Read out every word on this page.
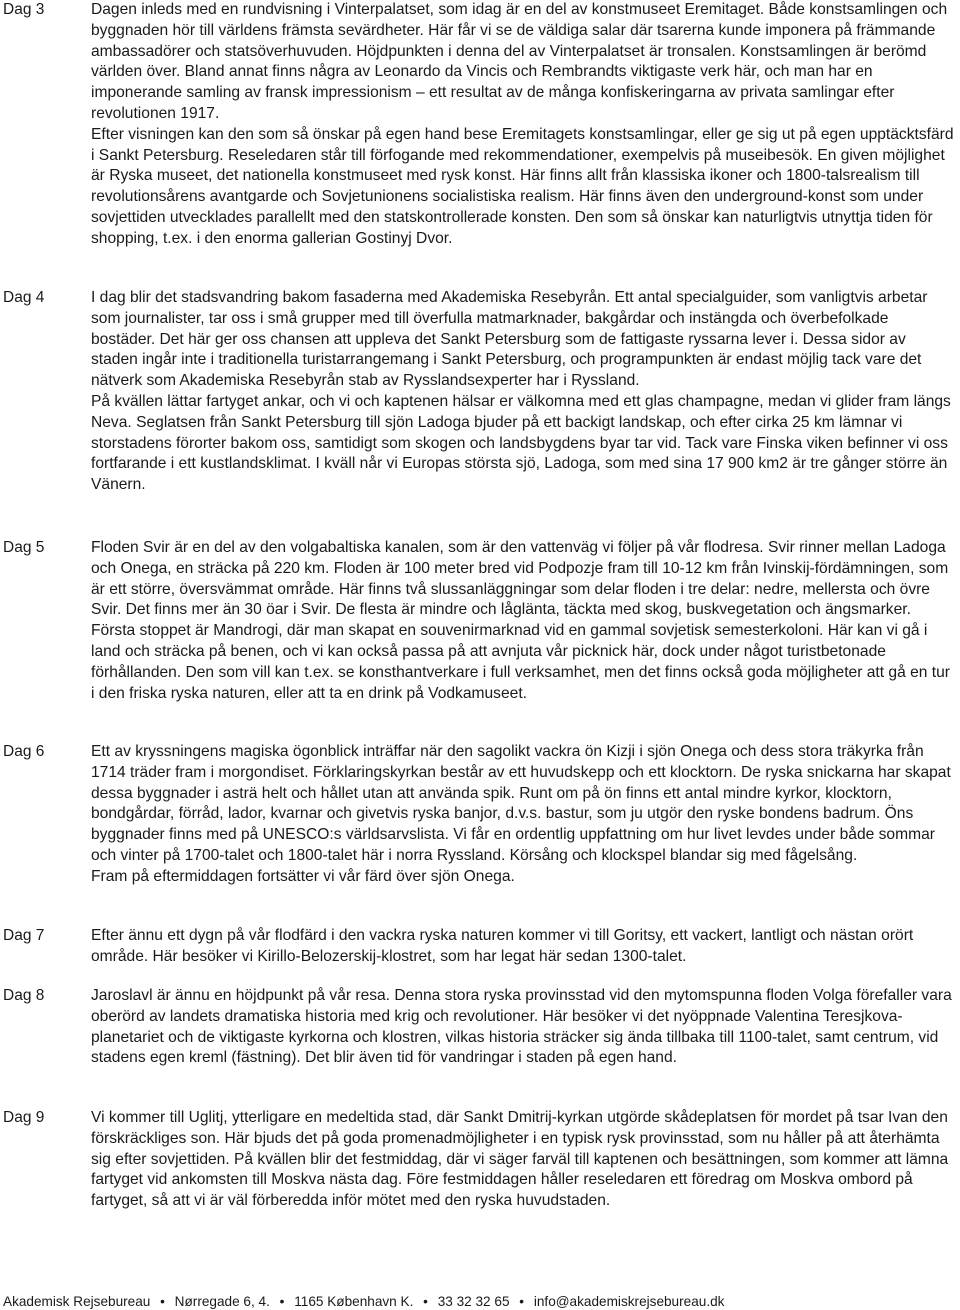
Dag 3	Dagen inleds med en rundvisning i Vinterpalatset, som idag är en del av konstmuseet Eremitaget. Både konstsamlingen och byggnaden hör till världens främsta sevärdheter. Här får vi se de väldiga salar där tsarerna kunde imponera på främmande ambassadörer och statsöverhuvuden. Höjdpunkten i denna del av Vinterpalatset är tronsalen. Konstsamlingen är berömd världen över. Bland annat finns några av Leonardo da Vincis och Rembrandts viktigaste verk här, och man har en imponerande samling av fransk impressionism – ett resultat av de många konfiskeringarna av privata samlingar efter revolutionen 1917.

Efter visningen kan den som så önskar på egen hand bese Eremitagets konstsamlingar, eller ge sig ut på egen upptäcktsfärd i Sankt Petersburg. Reseledaren står till förfogande med rekommendationer, exempelvis på museibesök. En given möjlighet är Ryska museet, det nationella konstmuseet med rysk konst. Här finns allt från klassiska ikoner och 1800-talsrealism till revolutionsårens avantgarde och Sovjetunionens socialistiska realism. Här finns även den underground-konst som under sovjettiden utvecklades parallellt med den statskontrollerade konsten. Den som så önskar kan naturligtvis utnyttja tiden för shopping, t.ex. i den enorma gallerian Gostinyj Dvor.

Dag 4	I dag blir det stadsvandring bakom fasaderna med Akademiska Resebyrån. Ett antal specialguider, som vanligtvis arbetar som journalister, tar oss i små grupper med till överfulla matmarknader, bakgårdar och instängda och överbefolkade bostäder. Det här ger oss chansen att uppleva det Sankt Petersburg som de fattigaste ryssarna lever i. Dessa sidor av staden ingår inte i traditionella turistarrangemang i Sankt Petersburg, och programpunkten är endast möjlig tack vare det nätverk som Akademiska Resebyrån stab av Rysslandsexperter har i Ryssland.

På kvällen lättar fartyget ankar, och vi och kaptenen hälsar er välkomna med ett glas champagne, medan vi glider fram längs Neva. Seglatsen från Sankt Petersburg till sjön Ladoga bjuder på ett backigt landskap, och efter cirka 25 km lämnar vi storstadens förorter bakom oss, samtidigt som skogen och landsbygdens byar tar vid. Tack vare Finska viken befinner vi oss fortfarande i ett kustlandsklimat. I kväll når vi Europas största sjö, Ladoga, som med sina 17 900 km2 är tre gånger större än Vänern.

Dag 5	Floden Svir är en del av den volgabaltiska kanalen, som är den vattenväg vi följer på vår flodresa. Svir rinner mellan Ladoga och Onega, en sträcka på 220 km. Floden är 100 meter bred vid Podpozje fram till 10-12 km från Ivinskij-fördämningen, som är ett större, översvämmat område. Här finns två slussanläggningar som delar floden i tre delar: nedre, mellersta och övre Svir. Det finns mer än 30 öar i Svir. De flesta är mindre och låglänta, täckta med skog, buskvegetation och ängsmarker.

Första stoppet är Mandrogi, där man skapat en souvenirmarknad vid en gammal sovjetisk semesterkoloni. Här kan vi gå i land och sträcka på benen, och vi kan också passa på att avnjuta vår picknick här, dock under något turistbetonade förhållanden. Den som vill kan t.ex. se konsthantverkare i full verksamhet, men det finns också goda möjligheter att gå en tur i den friska ryska naturen, eller att ta en drink på Vodkamuseet.

Dag 6	Ett av kryssningens magiska ögonblick inträffar när den sagolikt vackra ön Kizji i sjön Onega och dess stora träkyrka från 1714 träder fram i morgondiset. Förklaringskyrkan består av ett huvudskepp och ett klocktorn. De ryska snickarna har skapat dessa byggnader i asträ helt och hållet utan att använda spik. Runt om på ön finns ett antal mindre kyrkor, klocktorn, bondgårdar, förråd, lador, kvarnar och givetvis ryska banjor, d.v.s. bastur, som ju utgör den ryske bondens badrum. Öns byggnader finns med på UNESCO:s världsarvslista. Vi får en ordentlig uppfattning om hur livet levdes under både sommar och vinter på 1700-talet och 1800-talet här i norra Ryssland. Körsång och klockspel blandar sig med fågelsång.

Fram på eftermiddagen fortsätter vi vår färd över sjön Onega.

Dag 7	Efter ännu ett dygn på vår flodfärd i den vackra ryska naturen kommer vi till Goritsy, ett vackert, lantligt och nästan orört område. Här besöker vi Kirillo-Belozerskij-klostret, som har legat här sedan 1300-talet.

Dag 8	Jaroslavl är ännu en höjdpunkt på vår resa. Denna stora ryska provinsstad vid den mytomspunna floden Volga förefaller vara oberörd av landets dramatiska historia med krig och revolutioner. Här besöker vi det nyöppnade Valentina Teresjkova-planetariet och de viktigaste kyrkorna och klostren, vilkas historia sträcker sig ända tillbaka till 1100-talet, samt centrum, vid stadens egen kreml (fästning). Det blir även tid för vandringar i staden på egen hand.

Dag 9	Vi kommer till Uglitj, ytterligare en medeltida stad, där Sankt Dmitrij-kyrkan utgörde skådeplatsen för mordet på tsar Ivan den förskräckliges son. Här bjuds det på goda promenadmöjligheter i en typisk rysk provinsstad, som nu håller på att återhämta sig efter sovjettiden. På kvällen blir det festmiddag, där vi säger farväl till kaptenen och besättningen, som kommer att lämna fartyget vid ankomsten till Moskva nästa dag. Före festmiddagen håller reseledaren ett föredrag om Moskva ombord på fartyget, så att vi är väl förberedda inför mötet med den ryska huvudstaden.

Akademisk Rejsebureau • Nørregade 6, 4. • 1165 København K. • 33 32 32 65 • info@akademiskrejsebureau.dk
